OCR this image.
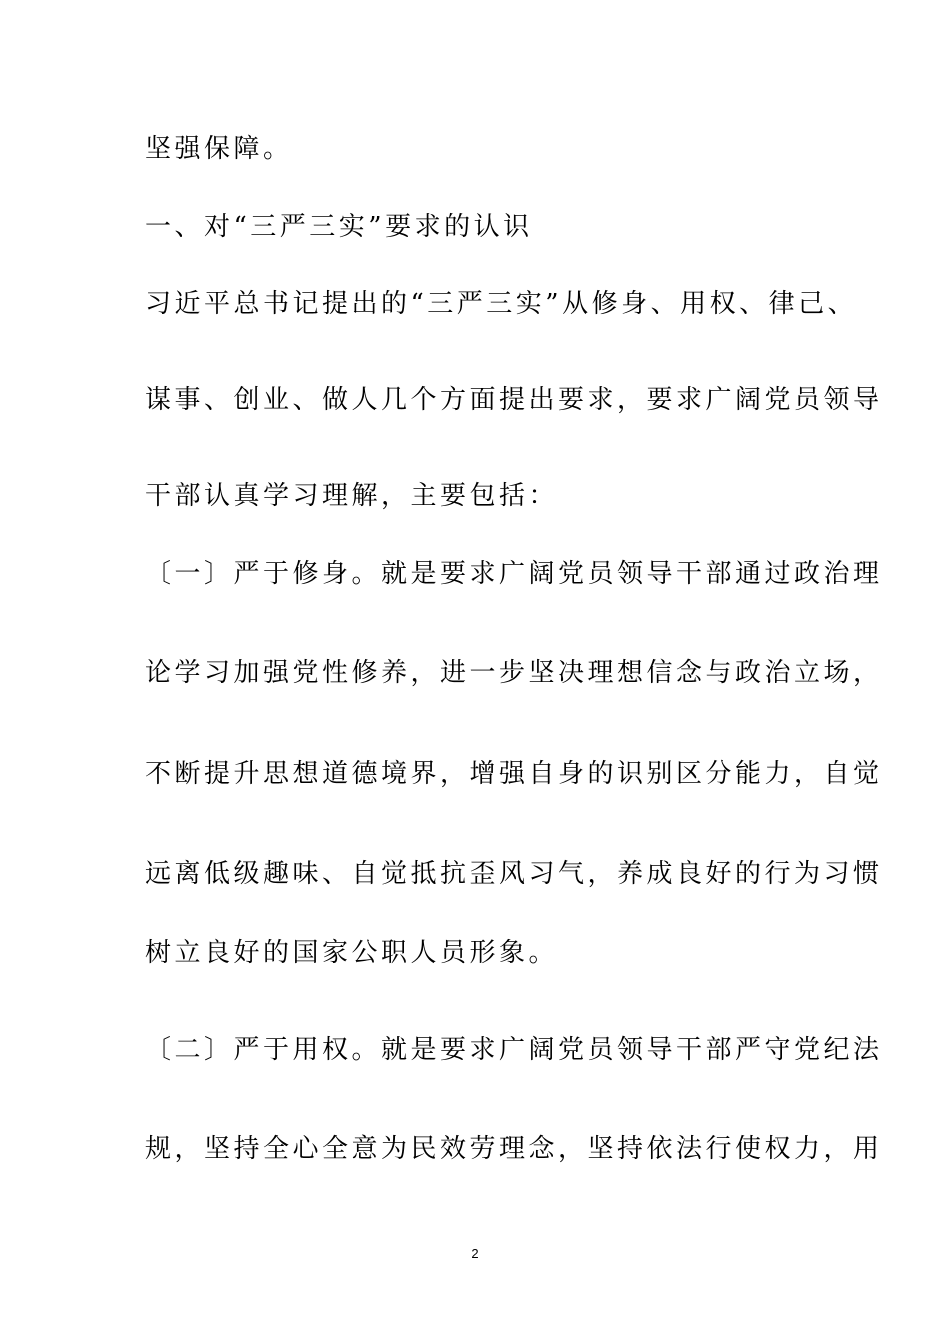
坚强保障。
一、对“三严三实”要求的认识
习近平总书记提出的“三严三实”从修身、用权、律己、
谋事、创业、做人几个方面提出要求，要求广阔党员领导
干部认真学习理解，主要包括：
〔一〕严于修身。就是要求广阔党员领导干部通过政治理
论学习加强党性修养，进一步坚决理想信念与政治立场，
不断提升思想道德境界，增强自身的识别区分能力，自觉
远离低级趣味、自觉抵抗歪风习气，养成良好的行为习惯
树立良好的国家公职人员形象。
〔二〕严于用权。就是要求广阔党员领导干部严守党纪法
规，坚持全心全意为民效劳理念，坚持依法行使权力，用
2
